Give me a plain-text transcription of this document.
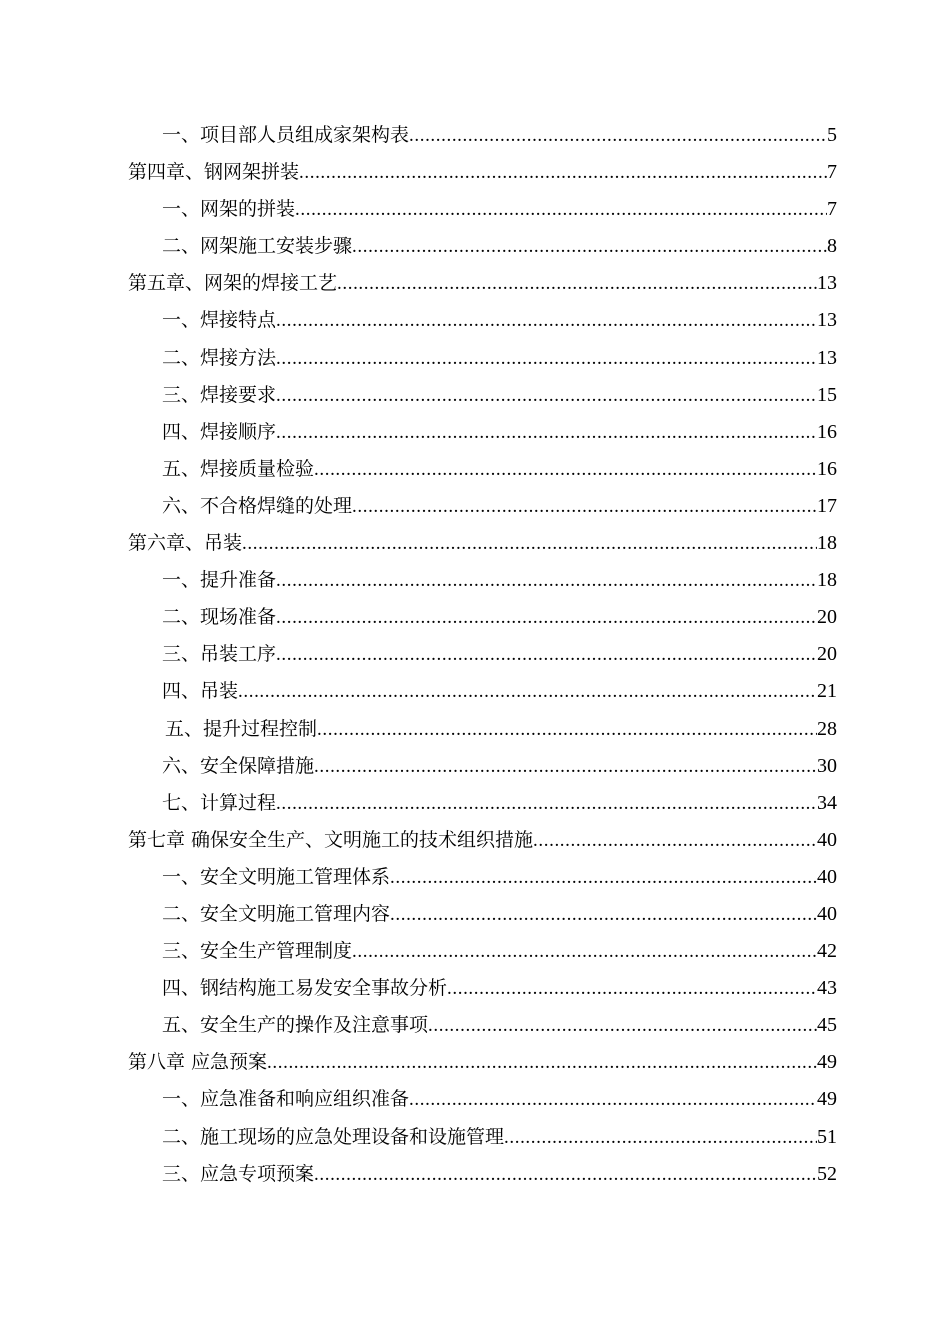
一、项目部人员组成家架构表 .....	5
第四章、钢网架拼装 .....	7
一、网架的拼装 .....	7
二、网架施工安装步骤 .....	8
第五章、网架的焊接工艺 .....	13
一、焊接特点 .....	13
二、焊接方法 .....	13
三、焊接要求 .....	15
四、焊接顺序 .....	16
五、焊接质量检验 .....	16
六、不合格焊缝的处理 .....	17
第六章、吊装 .....	18
一、提升准备 .....	18
二、现场准备 .....	20
三、吊装工序 .....	20
四、吊装 .....	21
五、提升过程控制 .....	28
六、安全保障措施 .....	30
七、计算过程 .....	34
第七章 确保安全生产、文明施工的技术组织措施 .....	40
一、安全文明施工管理体系 .....	40
二、安全文明施工管理内容 .....	40
三、安全生产管理制度 .....	42
四、钢结构施工易发安全事故分析 .....	43
五、安全生产的操作及注意事项 .....	45
第八章 应急预案 .....	49
一、应急准备和响应组织准备 .....	49
二、施工现场的应急处理设备和设施管理 .....	51
三、应急专项预案 .....	52
